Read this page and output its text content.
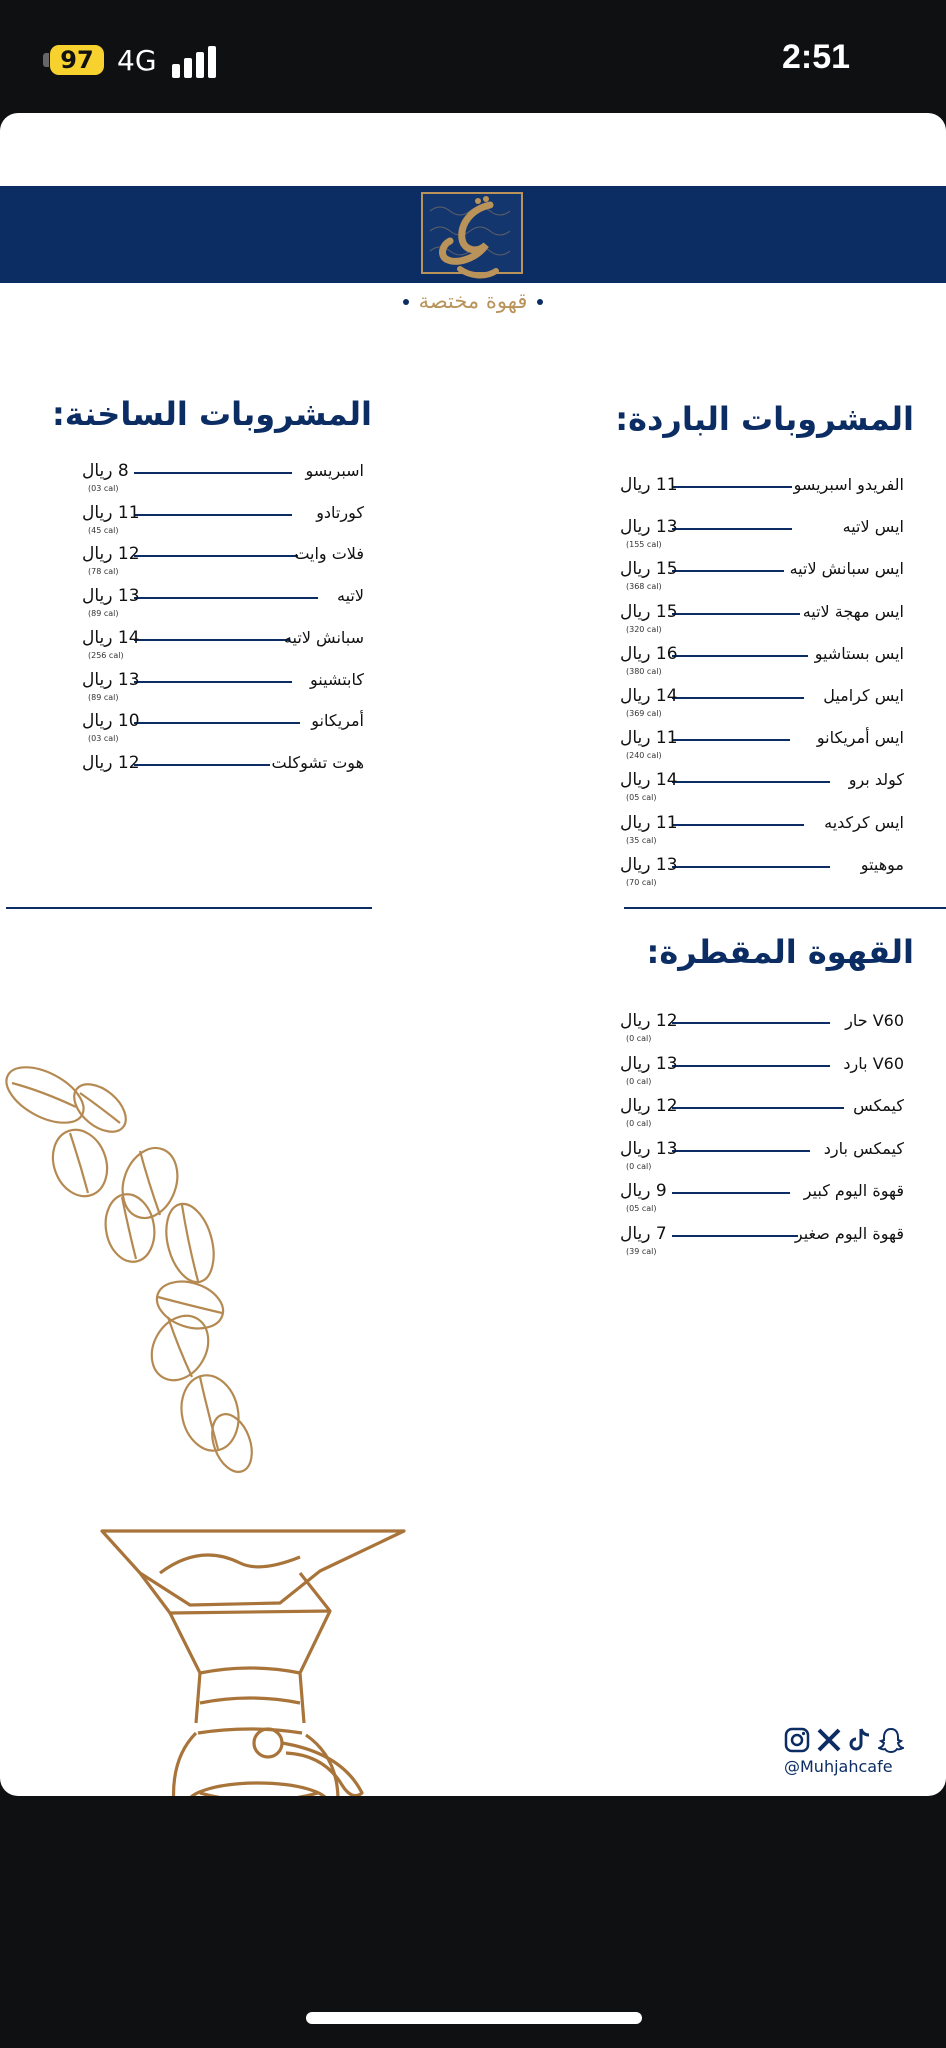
97 4G	2:51
قهوة مختصة
المشروبات الباردة:
الفريدو اسبريسو
11 ريال
ايس لاتيه
13 ريال
(155 cal)
ايس سبانش لاتيه
15 ريال
(368 cal)
ايس مهجة لاتيه
15 ريال
(320 cal)
ايس بستاشيو
16 ريال
(380 cal)
ايس كراميل
14 ريال
(369 cal)
ايس أمريكانو
11 ريال
(240 cal)
كولد برو
14 ريال
(05 cal)
ايس كركديه
11 ريال
(35 cal)
موهيتو
13 ريال
(70 cal)
المشروبات الساخنة:
اسبريسو
8 ريال
(03 cal)
كورتادو
11 ريال
(45 cal)
فلات وايت
12 ريال
(78 cal)
لاتيه
13 ريال
(89 cal)
سبانش لاتيه
14 ريال
(256 cal)
كابتشينو
13 ريال
(89 cal)
أمريكانو
10 ريال
(03 cal)
هوت تشوكلت
12 ريال
القهوة المقطرة:
V60 حار
12 ريال
(0 cal)
V60 بارد
13 ريال
(0 cal)
كيمكس
12 ريال
(0 cal)
كيمكس بارد
13 ريال
(0 cal)
قهوة اليوم كبير
9 ريال
(05 cal)
قهوة اليوم صغير
7 ريال
(39 cal)
@Muhjahcafe
